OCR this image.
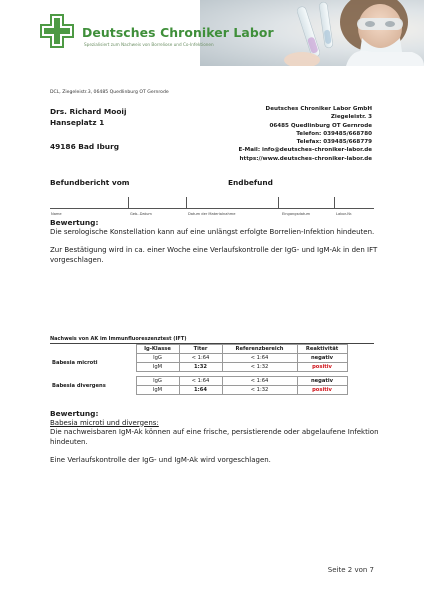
Deutsches Chroniker Labor
Spezialisiert zum Nachweis von Borreliose und Co-Infektionen
DCL, Ziegeleistr.3, 06485 Quedlinburg OT Gernrode
Drs. Richard Mooij
Hanseplatz 1
49186 Bad Iburg
Deutsches Chroniker Labor GmbH
Ziegeleistr. 3
06485 Quedlinburg OT Gernrode
Telefon: 039485/668780
Telefax: 039485/668779
E-Mail: info@deutsches-chroniker-labor.de
https://www.deutsches-chroniker-labor.de
Befundbericht vom	Endbefund
Name	Geb.-Datum	Datum der Materialnahme	Eingangsdatum	Labor-Nr.
Bewertung:
Die serologische Konstellation kann auf eine unlängst erfolgte Borrelien-Infektion hindeuten.
Zur Bestätigung wird in ca. einer Woche eine Verlaufskontrolle der IgG- und IgM-Ak in den IFT vorgeschlagen.
Nachweis von AK im Immunfluoreszenztest (IFT)
	Ig-Klasse	Titer	Referenzbereich	Reaktivität
Babesia microti	IgG	< 1:64	< 1:64	negativ
	IgM	1:32	< 1:32	positiv

Babesia divergens	IgG	< 1:64	< 1:64	negativ
	IgM	1:64	< 1:32	positiv
Bewertung:
Babesia microti und divergens:
Die nachweisbaren IgM-Ak können auf eine frische, persistierende oder abgelaufene Infektion hindeuten.
Eine Verlaufskontrolle der IgG- und IgM-Ak wird vorgeschlagen.
Seite 2 von 7
